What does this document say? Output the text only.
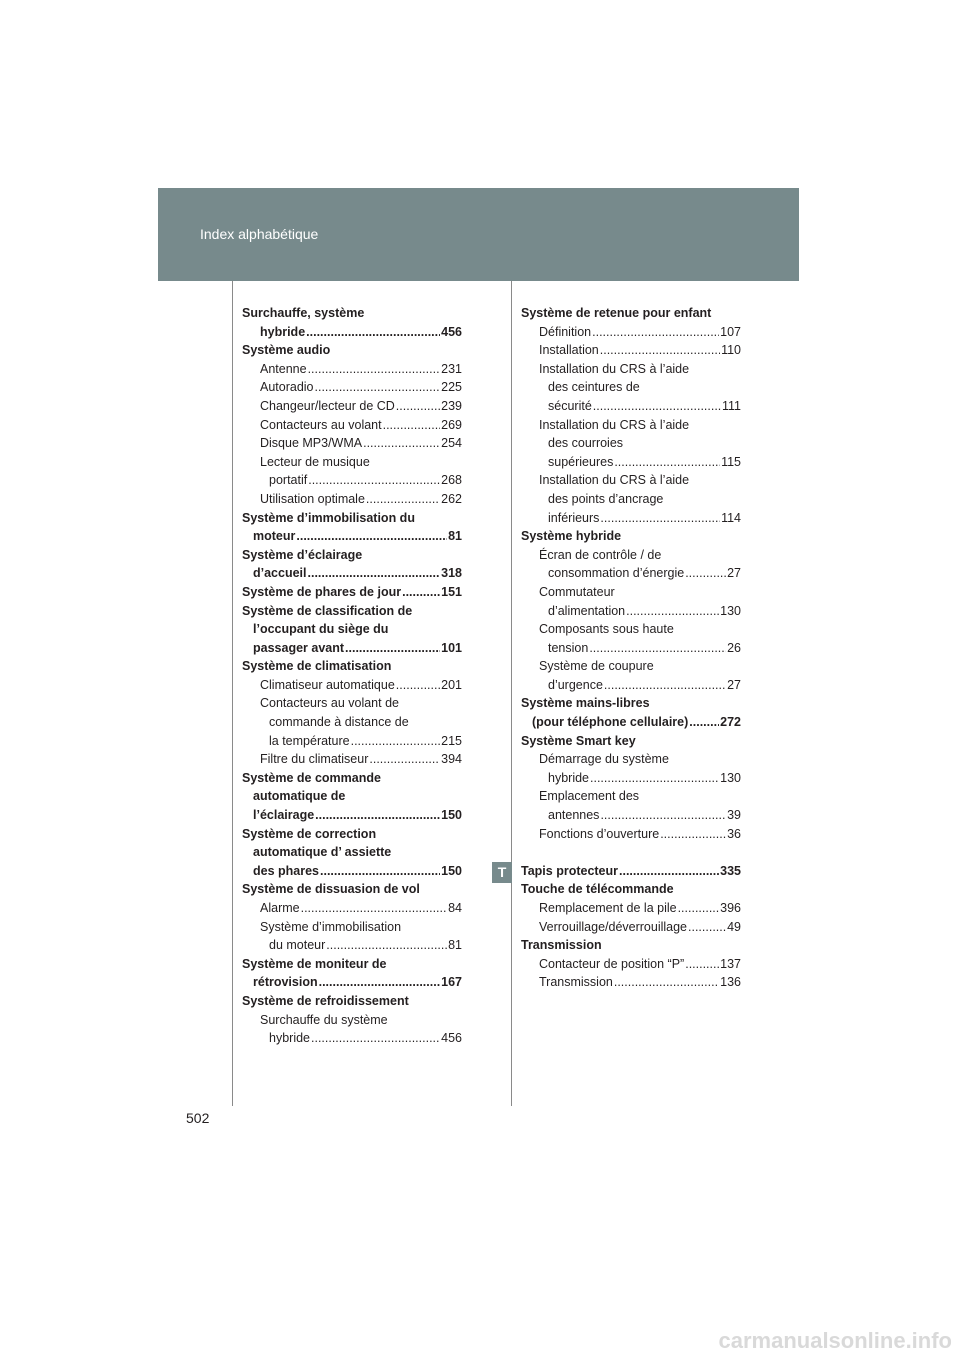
Index alphabétique
Surchauffe, système
hybride .....	456
Système audio
Antenne .....	231
Autoradio .....	225
Changeur/lecteur de CD .....	239
Contacteurs au volant .....	269
Disque MP3/WMA .....	254
Lecteur de musique
portatif .....	268
Utilisation optimale .....	262
Système d’immobilisation du
moteur .....	81
Système d’éclairage
d’accueil .....	318
Système de phares de jour .....	151
Système de classification de
l’occupant du siège du
passager avant .....	101
Système de climatisation
Climatiseur automatique .....	201
Contacteurs au volant de
commande à distance de
la température .....	215
Filtre du climatiseur .....	394
Système de commande
automatique de
l’éclairage .....	150
Système de correction
automatique d’ assiette
des phares .....	150
Système de dissuasion de vol
Alarme .....	84
Système d’immobilisation
du moteur .....	81
Système de moniteur de
rétrovision .....	167
Système de refroidissement
Surchauffe du système
hybride .....	456
Système de retenue pour enfant
Définition .....	107
Installation .....	110
Installation du CRS à l’aide
des ceintures de
sécurité .....	111
Installation du CRS à l’aide
des courroies
supérieures .....	115
Installation du CRS à l’aide
des points d’ancrage
inférieurs .....	114
Système hybride
Écran de contrôle / de
consommation d’énergie .....	27
Commutateur
d’alimentation .....	130
Composants sous haute
tension .....	26
Système de coupure
d’urgence .....	27
Système mains-libres
(pour téléphone cellulaire) .....	272
Système Smart key
Démarrage du système
hybride .....	130
Emplacement des
antennes .....	39
Fonctions d’ouverture .....	36
Tapis protecteur .....	335
Touche de télécommande
Remplacement de la pile .....	396
Verrouillage/déverrouillage .....	49
Transmission
Contacteur de position “P” .....	137
Transmission .....	136
T
502
carmanualsonline.info
